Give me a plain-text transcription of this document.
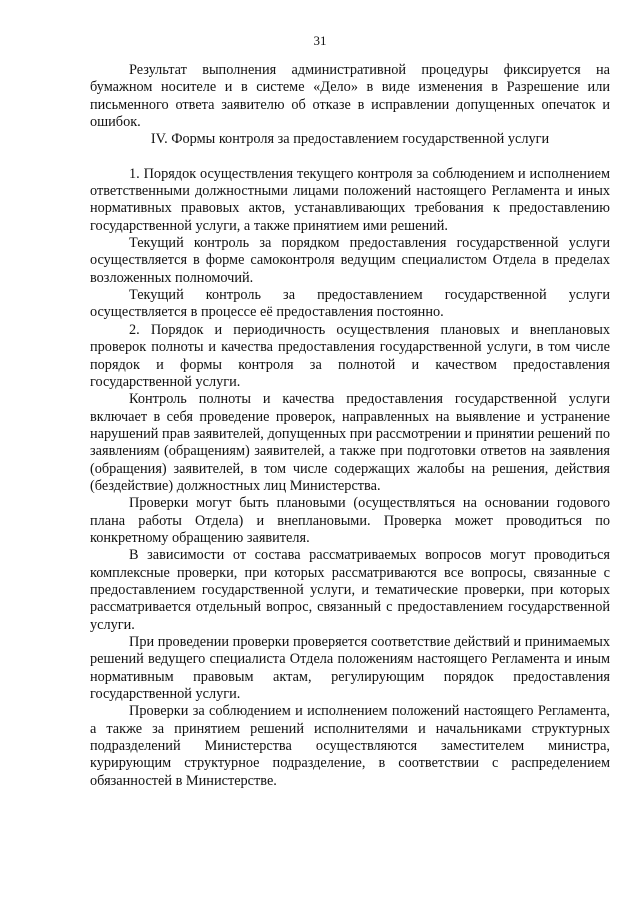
31

Результат выполнения административной процедуры фиксируется на бумажном носителе и в системе «Дело» в виде изменения в Разрешение или письменного ответа заявителю об отказе в исправлении допущенных опечаток и ошибок.

IV. Формы контроля за предоставлением государственной услуги

1. Порядок осуществления текущего контроля за соблюдением и исполнением ответственными должностными лицами положений настоящего Регламента и иных нормативных правовых актов, устанавливающих требования к предоставлению государственной услуги, а также принятием ими решений.

Текущий контроль за порядком предоставления государственной услуги осуществляется в форме самоконтроля ведущим специалистом Отдела в пределах возложенных полномочий.

Текущий контроль за предоставлением государственной услуги осуществляется в процессе её предоставления постоянно.

2. Порядок и периодичность осуществления плановых и внеплановых проверок полноты и качества предоставления государственной услуги, в том числе порядок и формы контроля за полнотой и качеством предоставления государственной услуги.

Контроль полноты и качества предоставления государственной услуги включает в себя проведение проверок, направленных на выявление и устранение нарушений прав заявителей, допущенных при рассмотрении и принятии решений по заявлениям (обращениям) заявителей, а также при подготовки ответов на заявления (обращения) заявителей, в том числе содержащих жалобы на решения, действия (бездействие) должностных лиц Министерства.

Проверки могут быть плановыми (осуществляться на основании годового плана работы Отдела) и внеплановыми. Проверка может проводиться по конкретному обращению заявителя.

В зависимости от состава рассматриваемых вопросов могут проводиться комплексные проверки, при которых рассматриваются все вопросы, связанные с предоставлением государственной услуги, и тематические проверки, при которых рассматривается отдельный вопрос, связанный с предоставлением государственной услуги.

При проведении проверки проверяется соответствие действий и принимаемых решений ведущего специалиста Отдела положениям настоящего Регламента и иным нормативным правовым актам, регулирующим порядок предоставления государственной услуги.

Проверки за соблюдением и исполнением положений настоящего Регламента, а также за принятием решений исполнителями и начальниками структурных подразделений Министерства осуществляются заместителем министра, курирующим структурное подразделение, в соответствии с распределением обязанностей в Министерстве.
